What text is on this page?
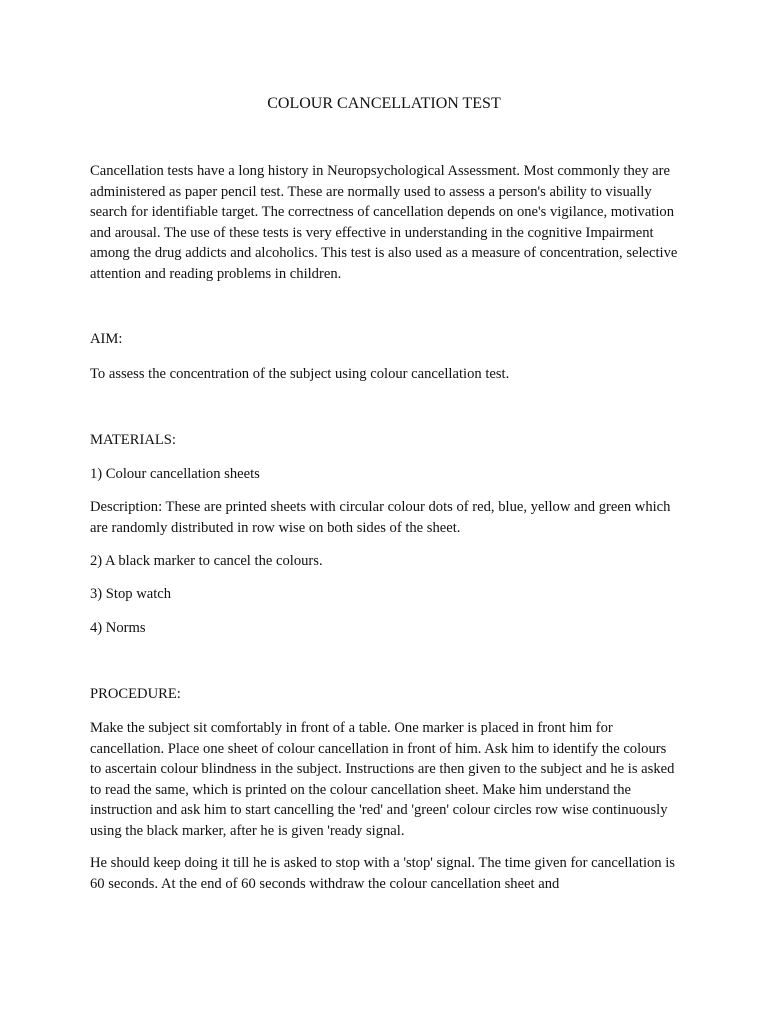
COLOUR CANCELLATION TEST

Cancellation tests have a long history in Neuropsychological Assessment. Most commonly they are administered as paper pencil test. These are normally used to assess a person's ability to visually search for identifiable target. The correctness of cancellation depends on one's vigilance, motivation and arousal. The use of these tests is very effective in understanding in the cognitive Impairment among the drug addicts and alcoholics. This test is also used as a measure of concentration, selective attention and reading problems in children.

AIM:

To assess the concentration of the subject using colour cancellation test.

MATERIALS:

1) Colour cancellation sheets

Description: These are printed sheets with circular colour dots of red, blue, yellow and green which are randomly distributed in row wise on both sides of the sheet.

2) A black marker to cancel the colours.

3) Stop watch

4) Norms

PROCEDURE:

Make the subject sit comfortably in front of a table. One marker is placed in front him for cancellation. Place one sheet of colour cancellation in front of him. Ask him to identify the colours to ascertain colour blindness in the subject. Instructions are then given to the subject and he is asked to read the same, which is printed on the colour cancellation sheet. Make him understand the instruction and ask him to start cancelling the 'red' and 'green' colour circles row wise continuously using the black marker, after he is given 'ready signal.

He should keep doing it till he is asked to stop with a 'stop' signal. The time given for cancellation is 60 seconds. At the end of 60 seconds withdraw the colour cancellation sheet and
